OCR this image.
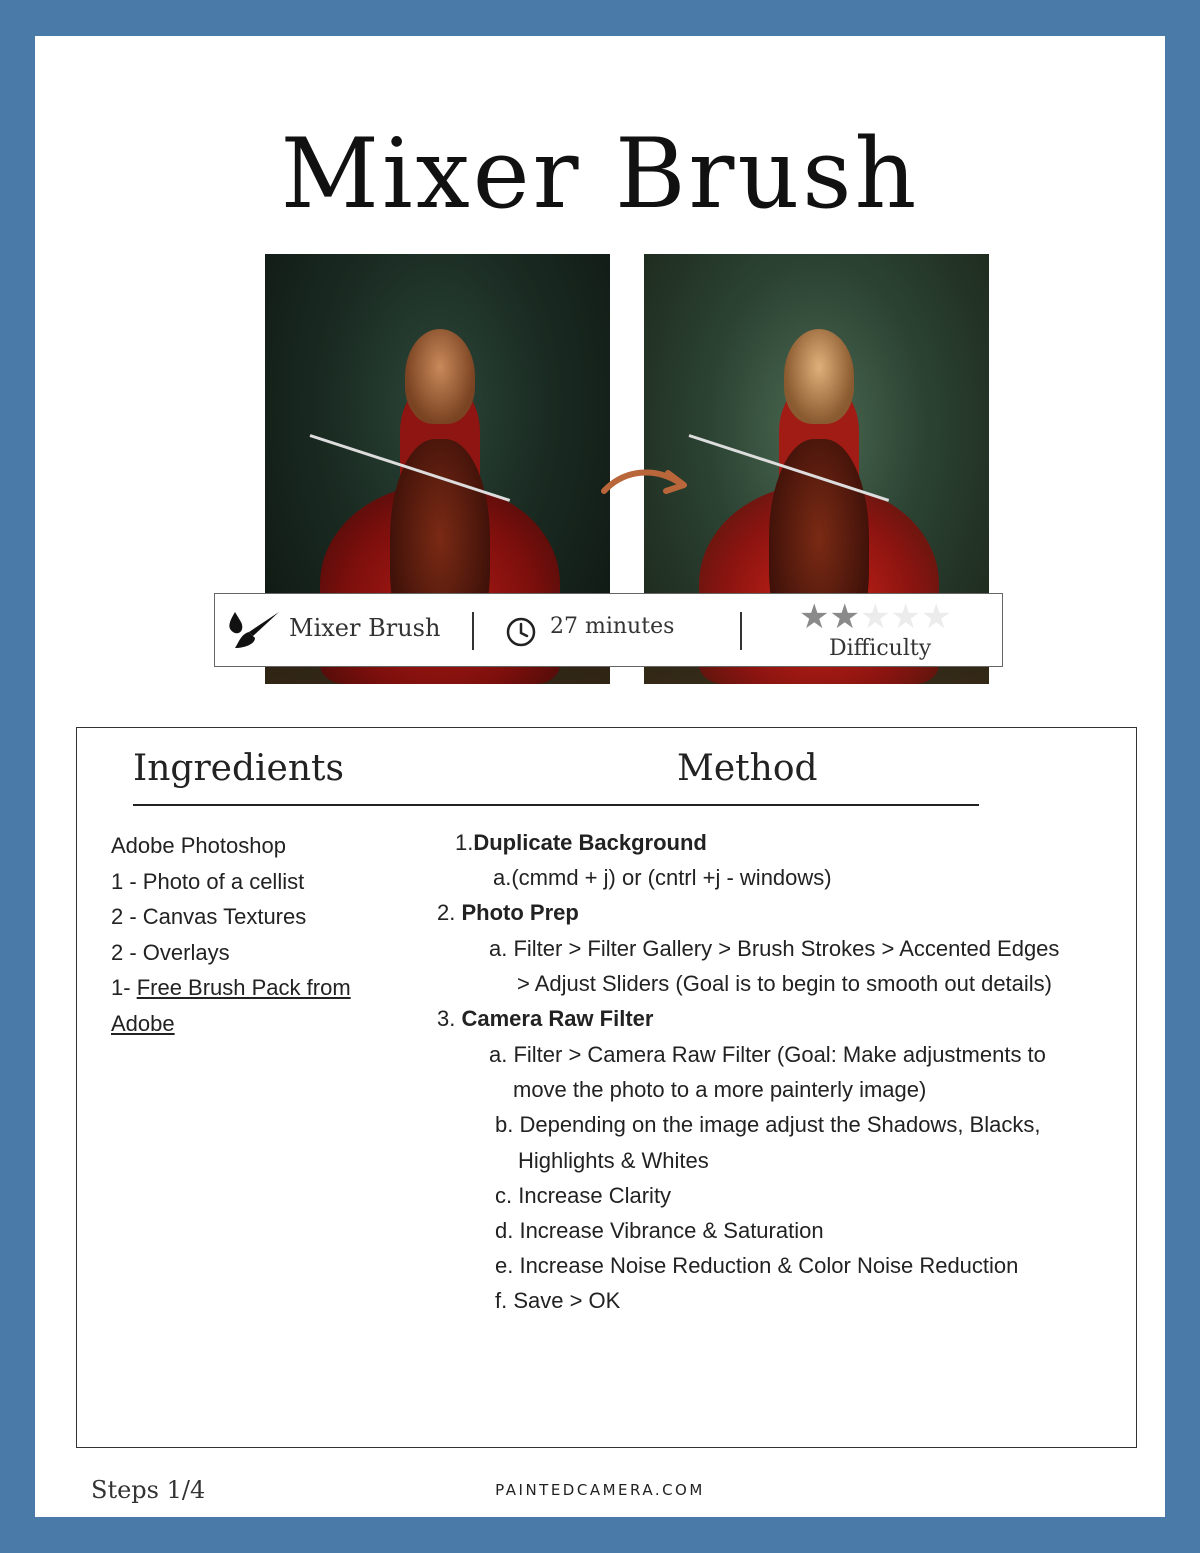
Mixer Brush
Mixer Brush	27 minutes	★★★★★
Difficulty
Ingredients	Method
Adobe Photoshop
1 - Photo of a cellist
2 - Canvas Textures
2 - Overlays
1- Free Brush Pack from
Adobe
1.Duplicate Background
a.(cmmd + j) or (cntrl +j - windows)
2. Photo Prep
a. Filter > Filter Gallery > Brush Strokes > Accented Edges
> Adjust Sliders (Goal is to begin to smooth out details)
3. Camera Raw Filter
a. Filter > Camera Raw Filter (Goal: Make adjustments to
move the photo to a more painterly image)
b. Depending on the image adjust the Shadows, Blacks,
Highlights & Whites
c. Increase Clarity
d. Increase Vibrance & Saturation
e. Increase Noise Reduction & Color Noise Reduction
f. Save > OK
Steps 1/4	PAINTEDCAMERA.COM
